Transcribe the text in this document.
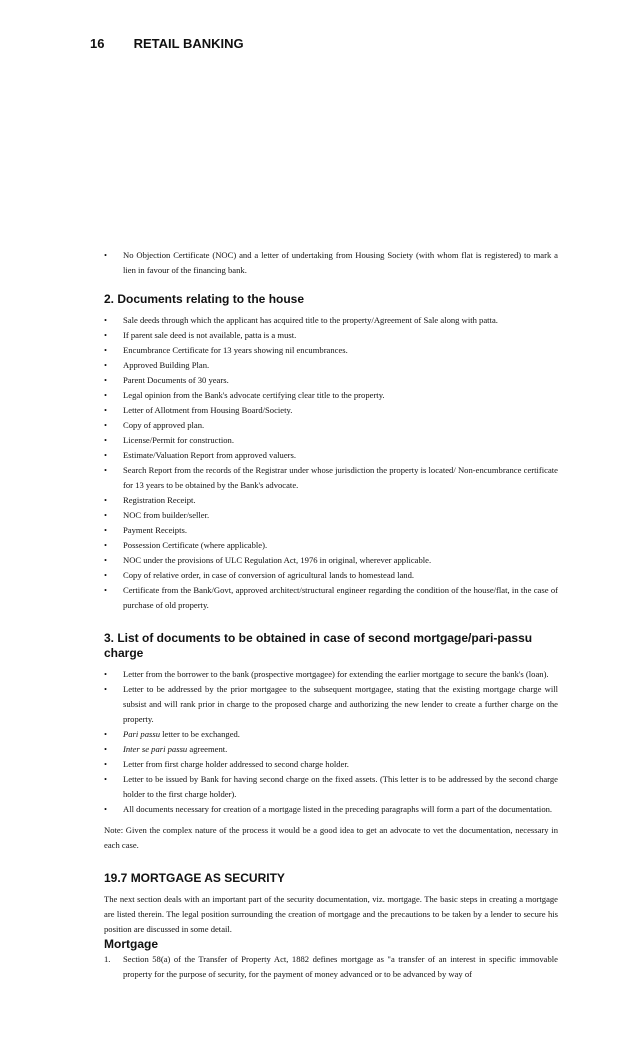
16 RETAIL BANKING
• No Objection Certificate (NOC) and a letter of undertaking from Housing Society (with whom flat is registered) to mark a lien in favour of the financing bank.
2. Documents relating to the house
• Sale deeds through which the applicant has acquired title to the property/Agreement of Sale along with patta.
• If parent sale deed is not available, patta is a must.
• Encumbrance Certificate for 13 years showing nil encumbrances.
• Approved Building Plan.
• Parent Documents of 30 years.
• Legal opinion from the Bank's advocate certifying clear title to the property.
• Letter of Allotment from Housing Board/Society.
• Copy of approved plan.
• License/Permit for construction.
• Estimate/Valuation Report from approved valuers.
• Search Report from the records of the Registrar under whose jurisdiction the property is located/ Non-encumbrance certificate for 13 years to be obtained by the Bank's advocate.
• Registration Receipt.
• NOC from builder/seller.
• Payment Receipts.
• Possession Certificate (where applicable).
• NOC under the provisions of ULC Regulation Act, 1976 in original, wherever applicable.
• Copy of relative order, in case of conversion of agricultural lands to homestead land.
• Certificate from the Bank/Govt, approved architect/structural engineer regarding the condition of the house/flat, in the case of purchase of old property.
3. List of documents to be obtained in case of second mortgage/pari-passu charge
• Letter from the borrower to the bank (prospective mortgagee) for extending the earlier mortgage to secure the bank's (loan).
• Letter to be addressed by the prior mortgagee to the subsequent mortgagee, stating that the existing mortgage charge will subsist and will rank prior in charge to the proposed charge and authorizing the new lender to create a further charge on the property.
• Pari passu letter to be exchanged.
• Inter se pari passu agreement.
• Letter from first charge holder addressed to second charge holder.
• Letter to be issued by Bank for having second charge on the fixed assets. (This letter is to be addressed by the second charge holder to the first charge holder).
• All documents necessary for creation of a mortgage listed in the preceding paragraphs will form a part of the documentation.

Note: Given the complex nature of the process it would be a good idea to get an advocate to vet the documentation, necessary in each case.

19.7 MORTGAGE AS SECURITY

The next section deals with an important part of the security documentation, viz. mortgage. The basic steps in creating a mortgage are listed therein. The legal position surrounding the creation of mortgage and the precautions to be taken by a lender to secure his position are discussed in some detail.

Mortgage
1. Section 58(a) of the Transfer of Property Act, 1882 defines mortgage as "a transfer of an interest in specific immovable property for the purpose of security, for the payment of money advanced or to be advanced by way of
